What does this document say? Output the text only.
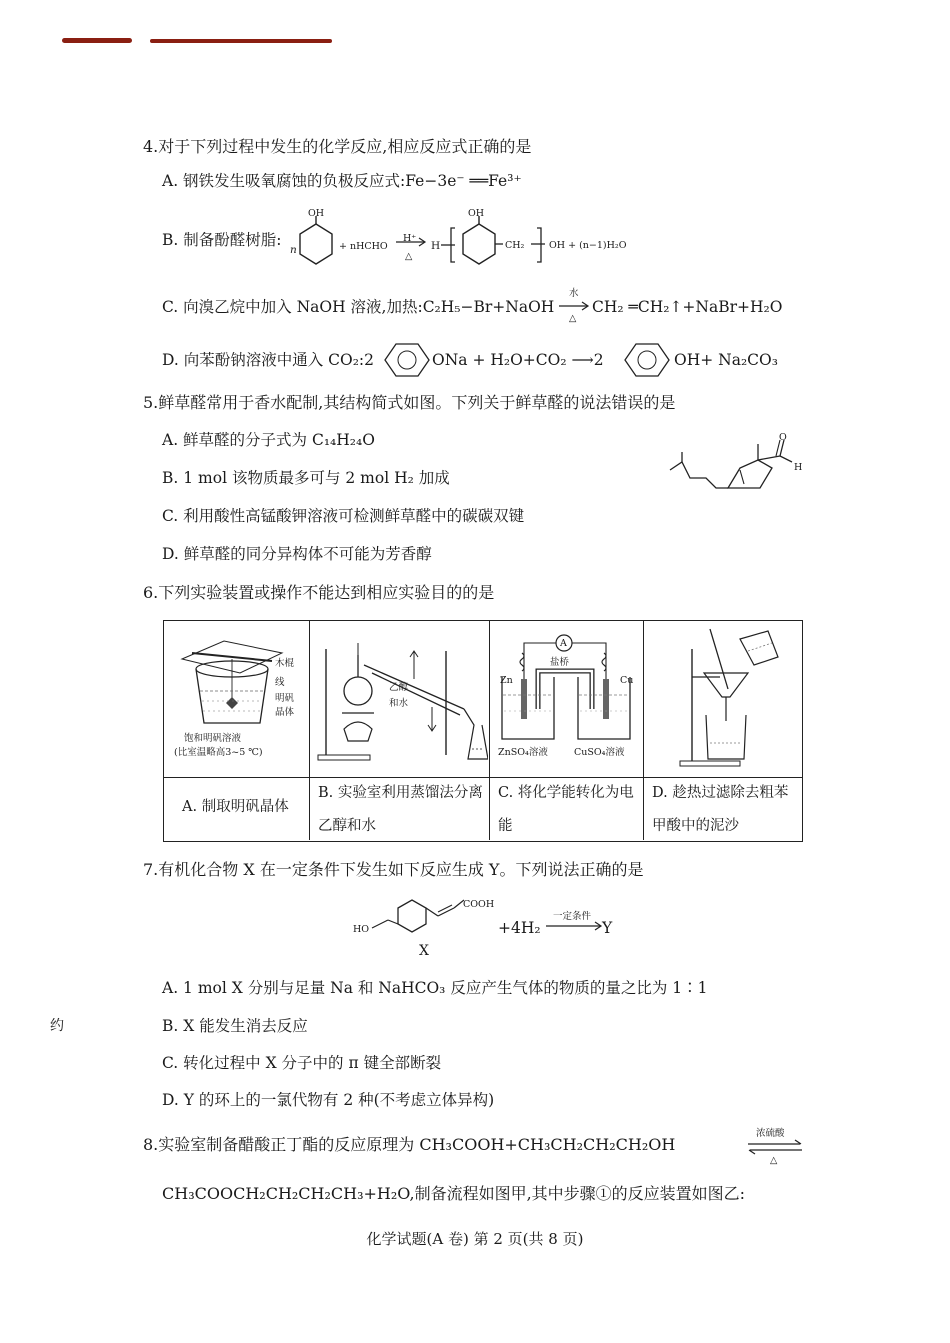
4.对于下列过程中发生的化学反应,相应反应式正确的是
A. 钢铁发生吸氧腐蚀的负极反应式:Fe−3e⁻ ══Fe³⁺
B. 制备酚醛树脂:
n
OH
+ nHCHO →
H⁺
△
H
OH
CH₂	OH + (n−1)H₂O
C. 向溴乙烷中加入 NaOH 溶液,加热:C₂H₅−Br+NaOH →
水
△
CH₂ ═CH₂↑+NaBr+H₂O
D. 向苯酚钠溶液中通入 CO₂:2	ONa + H₂O+CO₂ ⟶2	OH+ Na₂CO₃
5.鲜草醛常用于香水配制,其结构简式如图。下列关于鲜草醛的说法错误的是
A. 鲜草醛的分子式为 C₁₄H₂₄O
B. 1 mol 该物质最多可与 2 mol H₂ 加成
C. 利用酸性高锰酸钾溶液可检测鲜草醛中的碳碳双键
D. 鲜草醛的同分异构体不可能为芳香醇
O
H
约
6.下列实验装置或操作不能达到相应实验目的的是
木棍
线
明矾
晶体
饱和明矾溶液
(比室温略高3~5 ℃)
乙醇
和水
A
盐桥
Zn	Cu
ZnSO₄溶液	CuSO₄溶液
A. 制取明矾晶体
B. 实验室利用蒸馏法分离乙醇和水
C. 将化学能转化为电能
D. 趁热过滤除去粗苯甲酸中的泥沙
7.有机化合物 X 在一定条件下发生如下反应生成 Y。下列说法正确的是
HO
COOH
X
+4H₂ →
一定条件
Y
A. 1 mol X 分别与足量 Na 和 NaHCO₃ 反应产生气体的物质的量之比为 1∶1
B. X 能发生消去反应
C. 转化过程中 X 分子中的 π 键全部断裂
D. Y 的环上的一氯代物有 2 种(不考虑立体异构)
8.实验室制备醋酸正丁酯的反应原理为 CH₃COOH+CH₃CH₂CH₂CH₂OH
浓硫酸
△
CH₃COOCH₂CH₂CH₂CH₃+H₂O,制备流程如图甲,其中步骤①的反应装置如图乙:
化学试题(A 卷) 第 2 页(共 8 页)
